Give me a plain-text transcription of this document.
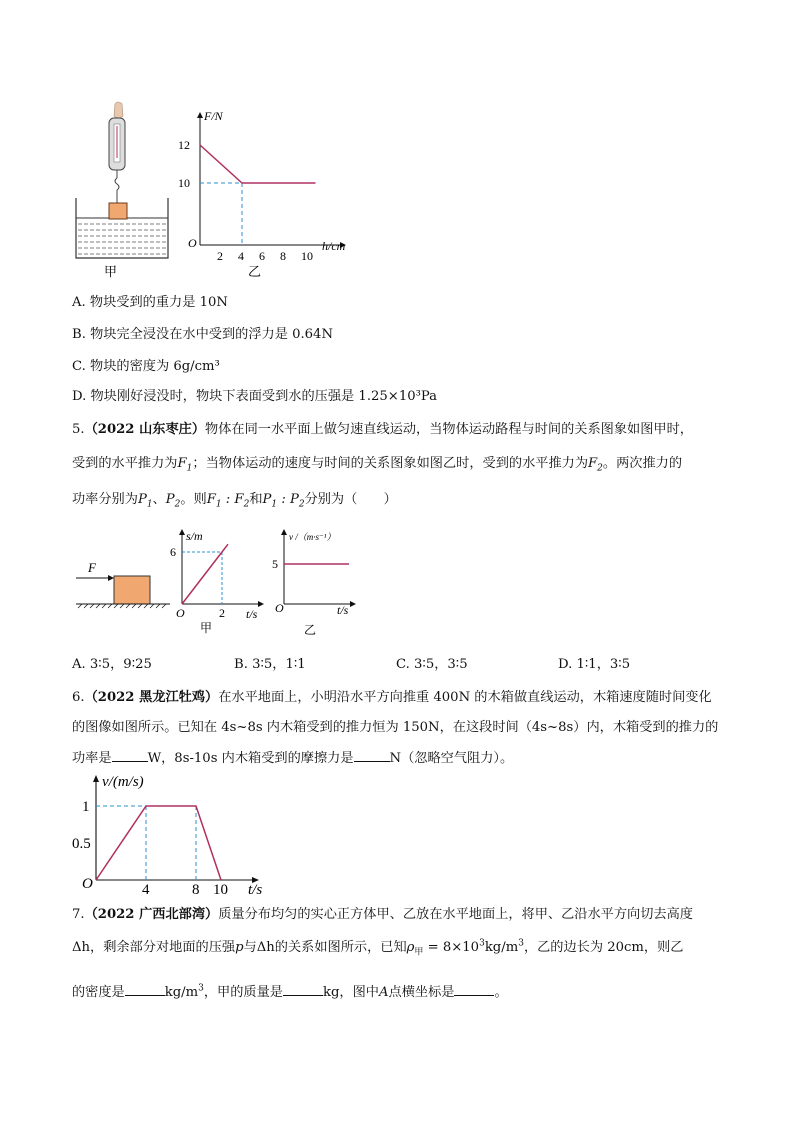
甲
F/N
h/cm
O
2 4 6 8 10
10
12
乙
A. 物块受到的重力是 10N
B. 物块完全浸没在水中受到的浮力是 0.64N
C. 物块的密度为 6g/cm³
D. 物块刚好浸没时，物块下表面受到水的压强是 1.25×10³Pa
5.（2022 山东枣庄）物体在同一水平面上做匀速直线运动，当物体运动路程与时间的关系图象如图甲时，
受到的水平推力为$F_1$；当物体运动的速度与时间的关系图象如图乙时，受到的水平推力为$F_2$。两次推力的
功率分别为$P_1$、$P_2$。则$F_1$ : $F_2$和$P_1$ : $P_2$分别为（　　）
F
s/m
t/s
O
甲
6
2
v /（m·s⁻¹）
t/s
O
乙
5
A. 3∶5，9∶25	B. 3∶5，1∶1	C. 3∶5，3∶5	D. 1∶1，3∶5
6.（2022 黑龙江牡鸡）在水平地面上，小明沿水平方向推重 400N 的木箱做直线运动，木箱速度随时间变化
的图像如图所示。已知在 4s~8s 内木箱受到的推力恒为 150N，在这段时间（4s~8s）内，木箱受到的推力的
功率是	W，8s-10s 内木箱受到的摩擦力是	N（忽略空气阻力）。
v/(m/s)
t/s
O
0.5
1
4	8 10
7.（2022 广西北部湾）质量分布均匀的实心正方体甲、乙放在水平地面上，将甲、乙沿水平方向切去高度
Δh，剩余部分对地面的压强p与Δh的关系如图所示，已知$\rho_甲 = 8\times 10^3kg/m^3$，乙的边长为 20cm，则乙
的密度是	$kg/m^3$，甲的质量是	kg，图中A点横坐标是	。
